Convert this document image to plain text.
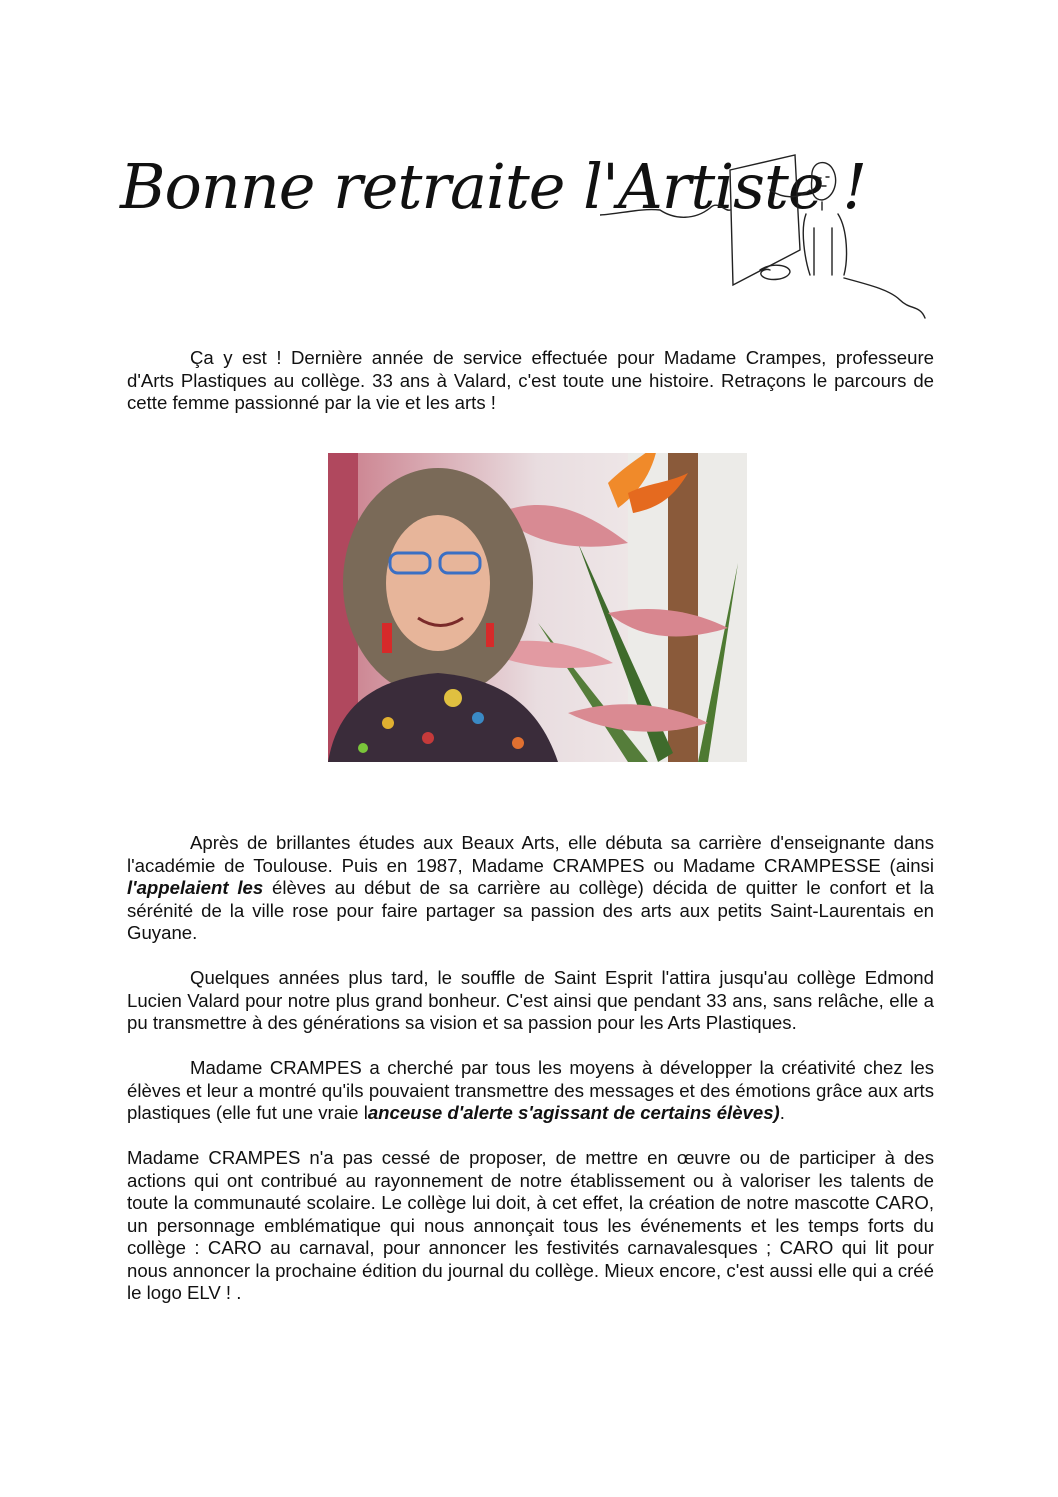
Bonne retraite l'Artiste !

Ça y est ! Dernière année de service effectuée pour Madame Crampes, professeure d'Arts Plastiques au collège. 33 ans à Valard, c'est toute une histoire. Retraçons le parcours de cette femme passionné par la vie et les arts !

Après de brillantes études aux Beaux Arts, elle débuta sa carrière d'enseignante dans l'académie de Toulouse. Puis en 1987, Madame CRAMPES ou Madame CRAMPESSE (ainsi l'appelaient les élèves au début de sa carrière au collège) décida de quitter le confort et la sérénité de la ville rose pour faire partager sa passion des arts aux petits Saint-Laurentais en Guyane.

Quelques années plus tard, le souffle de Saint Esprit l'attira jusqu'au collège Edmond Lucien Valard pour notre plus grand bonheur. C'est ainsi que pendant 33 ans, sans relâche, elle a pu transmettre à des générations sa vision et sa passion pour les Arts Plastiques.

Madame CRAMPES a cherché par tous les moyens à développer la créativité chez les élèves et leur a montré qu'ils pouvaient transmettre des messages et des émotions grâce aux arts plastiques (elle fut une vraie lanceuse d'alerte s'agissant de certains élèves).

Madame CRAMPES n'a pas cessé de proposer, de mettre en œuvre ou de participer à des actions qui ont contribué au rayonnement de notre établissement ou à valoriser les talents de toute la communauté scolaire. Le collège lui doit, à cet effet, la création de notre mascotte CARO, un personnage emblématique qui nous annonçait tous les événements et les temps forts du collège : CARO au carnaval, pour annoncer les festivités carnavalesques ; CARO qui lit pour nous annoncer la prochaine édition du journal du collège. Mieux encore, c'est aussi elle qui a créé le logo ELV ! .
